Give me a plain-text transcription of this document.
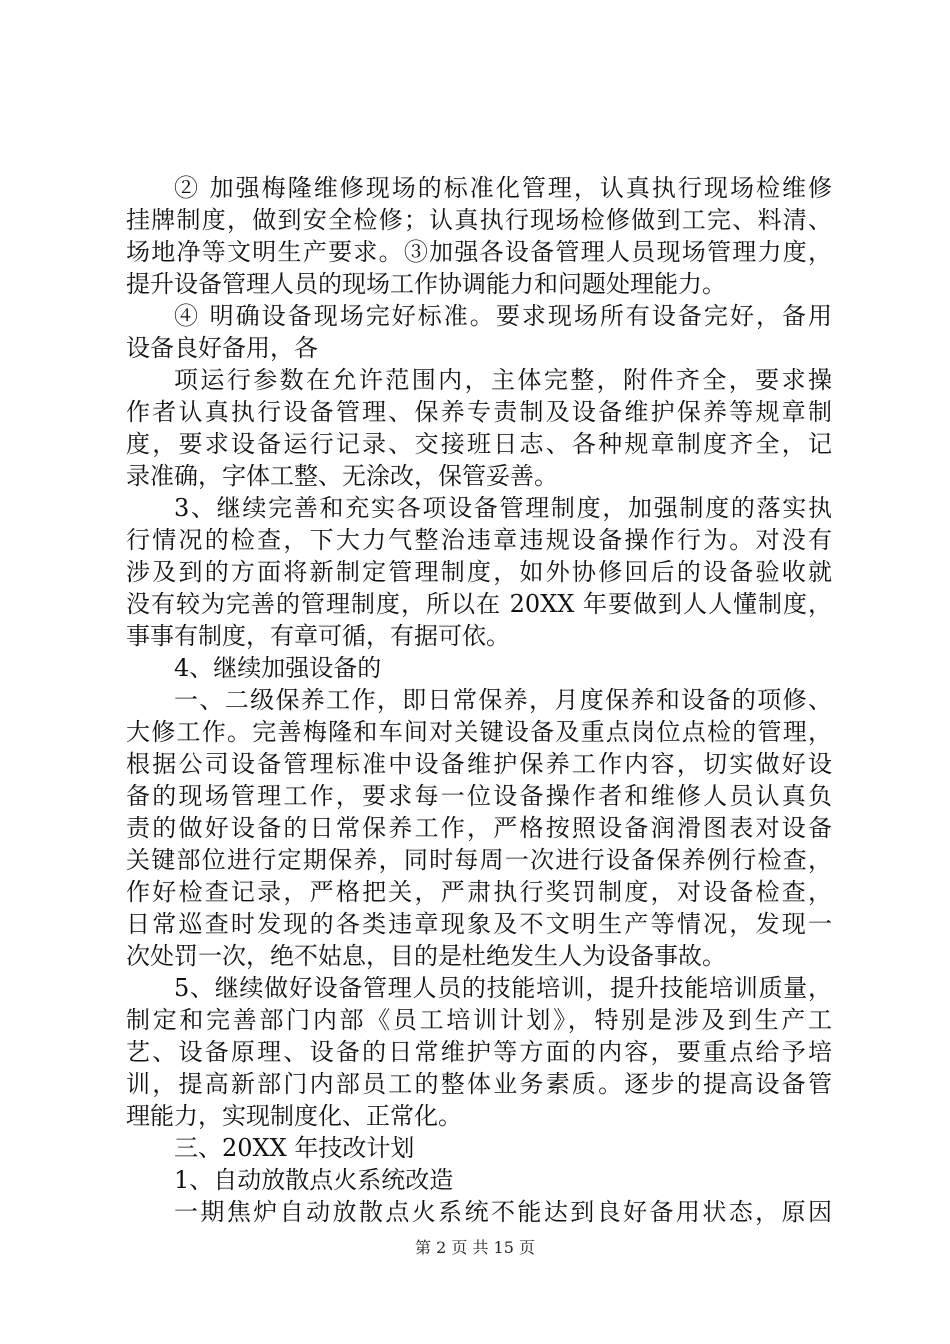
② 加强梅隆维修现场的标准化管理，认真执行现场检维修
挂牌制度，做到安全检修；认真执行现场检修做到工完、料清、
场地净等文明生产要求。③加强各设备管理人员现场管理力度，
提升设备管理人员的现场工作协调能力和问题处理能力。
④ 明确设备现场完好标准。要求现场所有设备完好，备用
设备良好备用，各
项运行参数在允许范围内，主体完整，附件齐全，要求操
作者认真执行设备管理、保养专责制及设备维护保养等规章制
度，要求设备运行记录、交接班日志、各种规章制度齐全，记
录准确，字体工整、无涂改，保管妥善。
3、继续完善和充实各项设备管理制度，加强制度的落实执
行情况的检查，下大力气整治违章违规设备操作行为。对没有
涉及到的方面将新制定管理制度，如外协修回后的设备验收就
没有较为完善的管理制度，所以在 20XX 年要做到人人懂制度，
事事有制度，有章可循，有据可依。
4、继续加强设备的
一、二级保养工作，即日常保养，月度保养和设备的项修、
大修工作。完善梅隆和车间对关键设备及重点岗位点检的管理，
根据公司设备管理标准中设备维护保养工作内容，切实做好设
备的现场管理工作，要求每一位设备操作者和维修人员认真负
责的做好设备的日常保养工作，严格按照设备润滑图表对设备
关键部位进行定期保养，同时每周一次进行设备保养例行检查，
作好检查记录，严格把关，严肃执行奖罚制度，对设备检查，
日常巡查时发现的各类违章现象及不文明生产等情况，发现一
次处罚一次，绝不姑息，目的是杜绝发生人为设备事故。
5、继续做好设备管理人员的技能培训，提升技能培训质量，
制定和完善部门内部《员工培训计划》，特别是涉及到生产工
艺、设备原理、设备的日常维护等方面的内容，要重点给予培
训，提高新部门内部员工的整体业务素质。逐步的提高设备管
理能力，实现制度化、正常化。
三、20XX 年技改计划
1、自动放散点火系统改造
一期焦炉自动放散点火系统不能达到良好备用状态，原因
第 2 页 共 15 页
